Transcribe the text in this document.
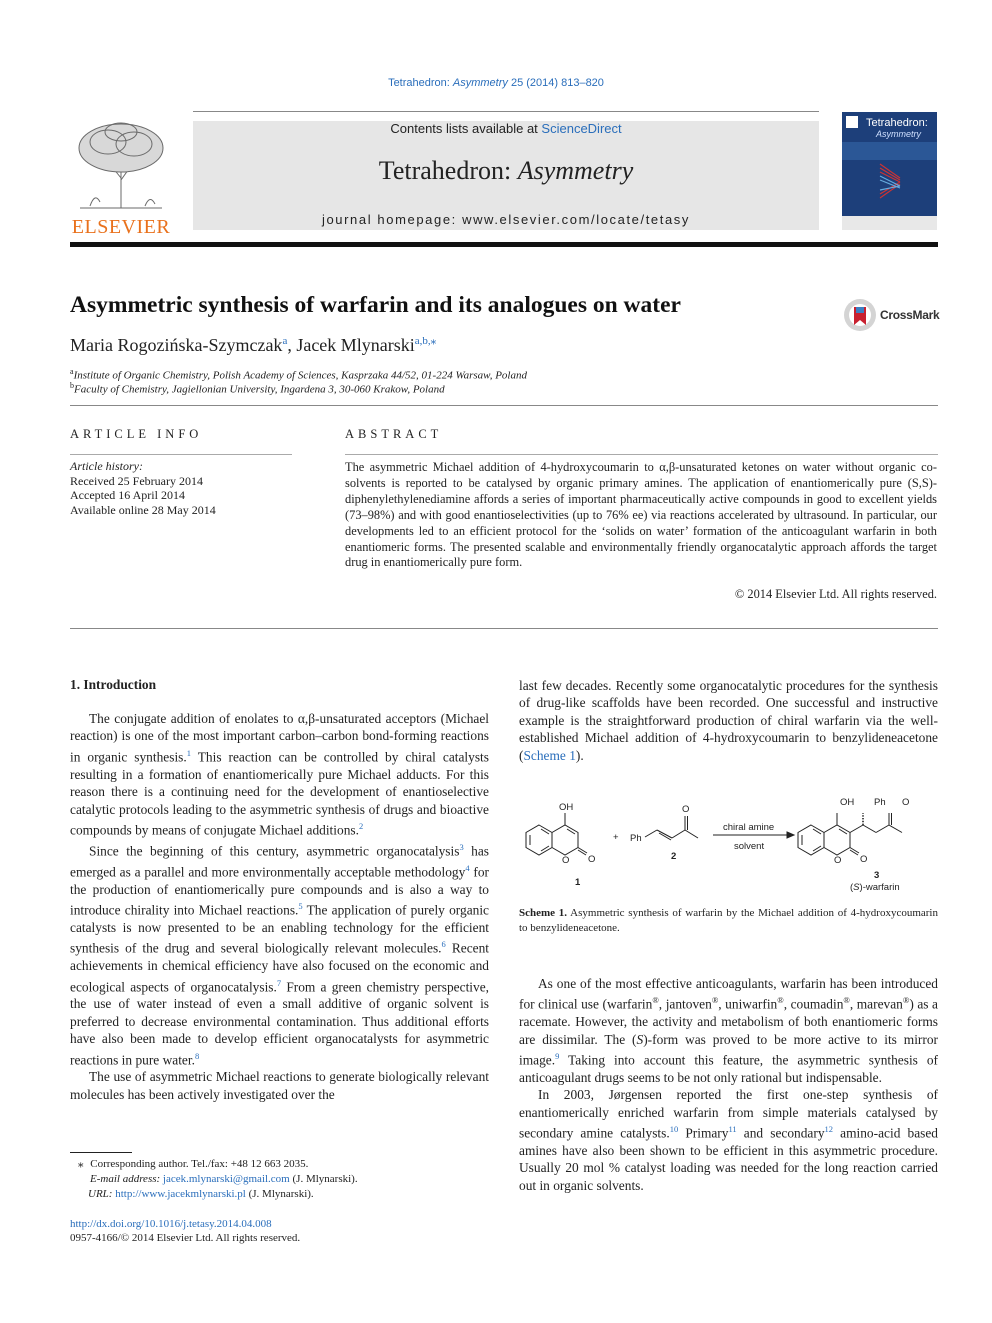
Tetrahedron: Asymmetry 25 (2014) 813–820
ELSEVIER
Contents lists available at ScienceDirect
Tetrahedron: Asymmetry
journal homepage: www.elsevier.com/locate/tetasy
Tetrahedron:
Asymmetry
Asymmetric synthesis of warfarin and its analogues on water	CrossMark
Maria Rogozińska-Szymczak$^a$, Jacek Mlynarski$^{a,b,⁎}$
$^a$Institute of Organic Chemistry, Polish Academy of Sciences, Kasprzaka 44/52, 01-224 Warsaw, Poland
$^b$Faculty of Chemistry, Jagiellonian University, Ingardena 3, 30-060 Krakow, Poland
ARTICLE INFO
Article history:
Received 25 February 2014
Accepted 16 April 2014
Available online 28 May 2014
ABSTRACT
The asymmetric Michael addition of 4-hydroxycoumarin to α,β-unsaturated ketones on water without organic co-solvents is reported to be catalysed by organic primary amines. The application of enantiomerically pure (S,S)-diphenylethylenediamine affords a series of important pharmaceutically active compounds in good to excellent yields (73–98%) and with good enantioselectivities (up to 76% ee) via reactions accelerated by ultrasound. In particular, our developments led to an efficient protocol for the ‘solids on water’ formation of the anticoagulant warfarin in both enantiomeric forms. The presented scalable and environmentally friendly organocatalytic approach affords the target drug in enantiomerically pure form.
© 2014 Elsevier Ltd. All rights reserved.
1. Introduction

The conjugate addition of enolates to α,β-unsaturated acceptors (Michael reaction) is one of the most important carbon–carbon bond-forming reactions in organic synthesis.$^1$ This reaction can be controlled by chiral catalysts resulting in a formation of enantiomerically pure Michael adducts. For this reason there is a continuing need for the development of enantioselective catalytic protocols leading to the asymmetric synthesis of drugs and bioactive compounds by means of conjugate Michael additions.$^2$

Since the beginning of this century, asymmetric organocatalysis$^3$ has emerged as a parallel and more environmentally acceptable methodology$^4$ for the production of enantiomerically pure compounds and is also a way to introduce chirality into Michael reactions.$^5$ The application of purely organic catalysts is now presented to be an enabling technology for the efficient synthesis of the drug and several biologically relevant molecules.$^6$ Recent achievements in chemical efficiency have also focused on the economic and ecological aspects of organocatalysis.$^7$ From a green chemistry perspective, the use of water instead of even a small additive of organic solvent is preferred to decrease environmental contamination. Thus additional efforts have also been made to develop efficient organocatalysts for asymmetric reactions in pure water.$^8$

The use of asymmetric Michael reactions to generate biologically relevant molecules has been actively investigated over the

⁎ Corresponding author. Tel./fax: +48 12 663 2035.
E-mail address: jacek.mlynarski@gmail.com (J. Mlynarski).
URL: http://www.jacekmlynarski.pl (J. Mlynarski).
http://dx.doi.org/10.1016/j.tetasy.2014.04.008
0957-4166/© 2014 Elsevier Ltd. All rights reserved.

last few decades. Recently some organocatalytic procedures for the synthesis of drug-like scaffolds have been recorded. One successful and instructive example is the straightforward production of chiral warfarin via the well-established Michael addition of 4-hydroxycoumarin to benzylideneacetone (Scheme 1).

OH
O O
+ Ph
O
chiral amine
solvent
OH Ph O
O O
1
2
3
(S)-warfarin
Scheme 1. Asymmetric synthesis of warfarin by the Michael addition of 4-hydroxycoumarin to benzylideneacetone.

As one of the most effective anticoagulants, warfarin has been introduced for clinical use (warfarin®, jantoven®, uniwarfin®, coumadin®, marevan®) as a racemate. However, the activity and metabolism of both enantiomeric forms are dissimilar. The (S)-form was proved to be more active to its mirror image.$^9$ Taking into account this feature, the asymmetric synthesis of anticoagulant drugs seems to be not only rational but indispensable.

In 2003, Jørgensen reported the first one-step synthesis of enantiomerically enriched warfarin from simple materials catalysed by secondary amine catalysts.$^{10}$ Primary$^{11}$ and secondary$^{12}$ amino-acid based amines have also been shown to be efficient in this asymmetric procedure. Usually 20 mol % catalyst loading was needed for the long reaction carried out in organic solvents.
